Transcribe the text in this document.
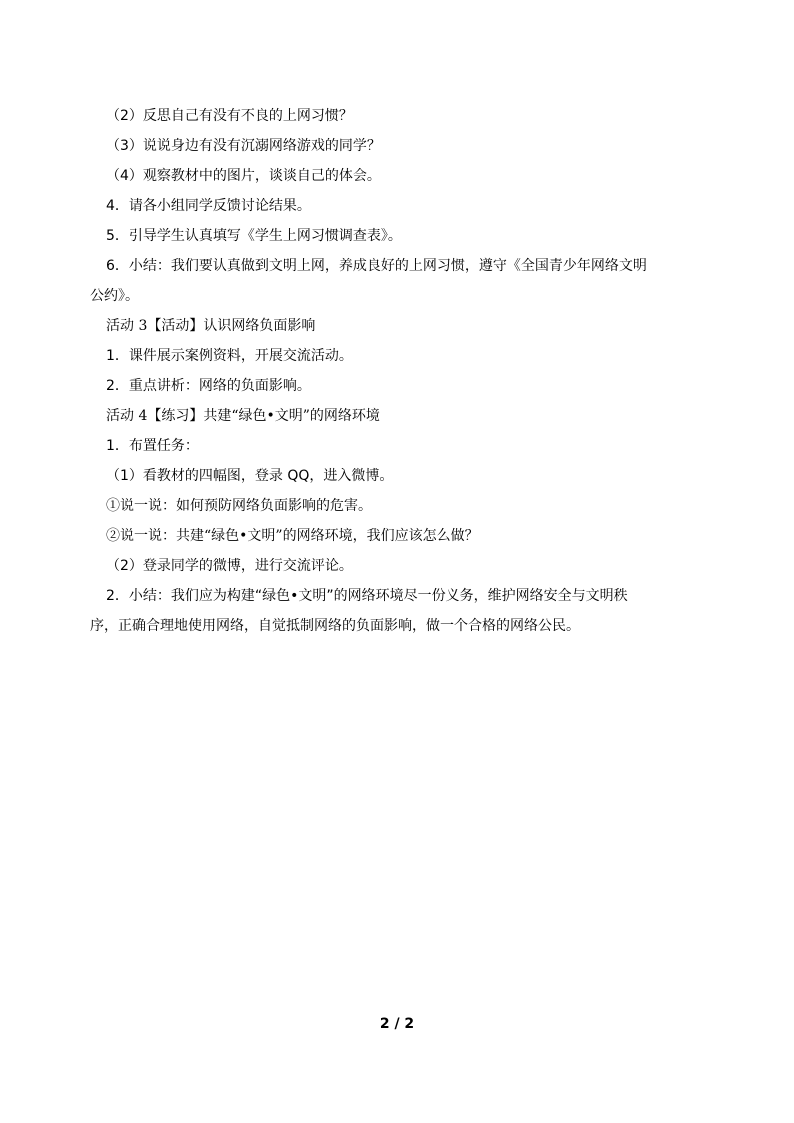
（2）反思自己有没有不良的上网习惯？
（3）说说身边有没有沉溺网络游戏的同学？
（4）观察教材中的图片，谈谈自己的体会。
4．请各小组同学反馈讨论结果。
5．引导学生认真填写《学生上网习惯调查表》。
6．小结：我们要认真做到文明上网，养成良好的上网习惯，遵守《全国青少年网络文明
公约》。
活动 3【活动】认识网络负面影响
1．课件展示案例资料，开展交流活动。
2．重点讲析：网络的负面影响。
活动 4【练习】共建“绿色•文明”的网络环境
1．布置任务：
（1）看教材的四幅图，登录 QQ，进入微博。
①说一说：如何预防网络负面影响的危害。
②说一说：共建“绿色•文明”的网络环境，我们应该怎么做？
（2）登录同学的微博，进行交流评论。
2．小结：我们应为构建“绿色•文明”的网络环境尽一份义务，维护网络安全与文明秩
序，正确合理地使用网络，自觉抵制网络的负面影响，做一个合格的网络公民。
2 / 2
